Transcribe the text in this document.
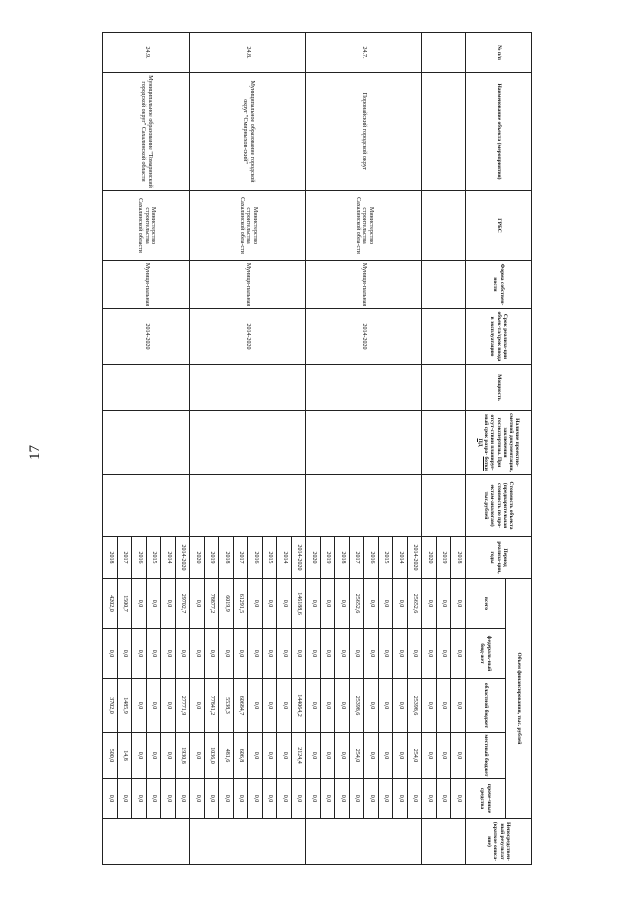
17
№ п/п	Наименование объекта (мероприятия)	ГРБС	Форма собствен-ности	Срок реализа-ции объек-та/срок ввода в эксплуатацию	Мощность	Наличие проектно-сметной документации, заключения госэкспертизы. При отсут-ствии планируе-мый срок разра- ботки ПД	Стоимость объекта (предварительная стоимость по про-ектам-аналогам) тыс.рублей	Период реализа-ции, годы	Объем финансирования, тыс. рублей					Непосредствен-ный результат (краткое описа-ние)
									всего	федераль-ный бюд-жет	областной бюджет	местный бюджет	проче-чные средства	
								2018	0,0	0,0	0,0	0,0	0,0	
								2019	0,0	0,0	0,0	0,0	0,0	
								2020	0,0	0,0	0,0	0,0	0,0	
24.7.	Поронайский городской округ	Министерство строительства Сахалинской обла-сти	Муници-пальная	2014-2020				2014-2020	25652,6	0,0	25398,6	254,0	0,0	
								2014	0,0	0,0	0,0	0,0	0,0	
								2015	0,0	0,0	0,0	0,0	0,0	
								2016	0,0	0,0	0,0	0,0	0,0	
								2017	25652,6	0,0	25398,6	254,0	0,0	
								2018	0,0	0,0	0,0	0,0	0,0	
								2019	0,0	0,0	0,0	0,0	0,0	
								2020	0,0	0,0	0,0	0,0	0,0	
24.8.	Муниципальное образование городской округ "Смирныхов-ский"	Министерство строительства Сахалинской обла-сти	Муници-пальная	2014-2020				2014-2020	146188,6	0,0	144064,2	2124,4	0,0	
								2014	0,0	0,0	0,0	0,0	0,0	
								2015	0,0	0,0	0,0	0,0	0,0	
								2016	0,0	0,0	0,0	0,0	0,0	
								2017	61291,5	0,0	60684,7	606,8	0,0	
								2018	6019,9	0,0	5538,3	481,6	0,0	
								2019	78877,2	0,0	77841,2	1036,0	0,0	
								2020	0,0	0,0	0,0	0,0	0,0	
24.9.	Муниципальное образование "Томаринский городской округ" Сахалинской области	Министерство строительства Сахалинской области	Муници-пальная	2014-2020				2014-2020	29702,7	0,0	27771,9	1930,8	0,0	
								2014	0,0	0,0	0,0	0,0	0,0	
								2015	0,0	0,0	0,0	0,0	0,0	
								2016	0,0	0,0	0,0	0,0	0,0	
								2017	1500,7	0,0	1485,9	14,8	0,0	
								2018	4202,0	0,0	3702,0	500,0	0,0	
